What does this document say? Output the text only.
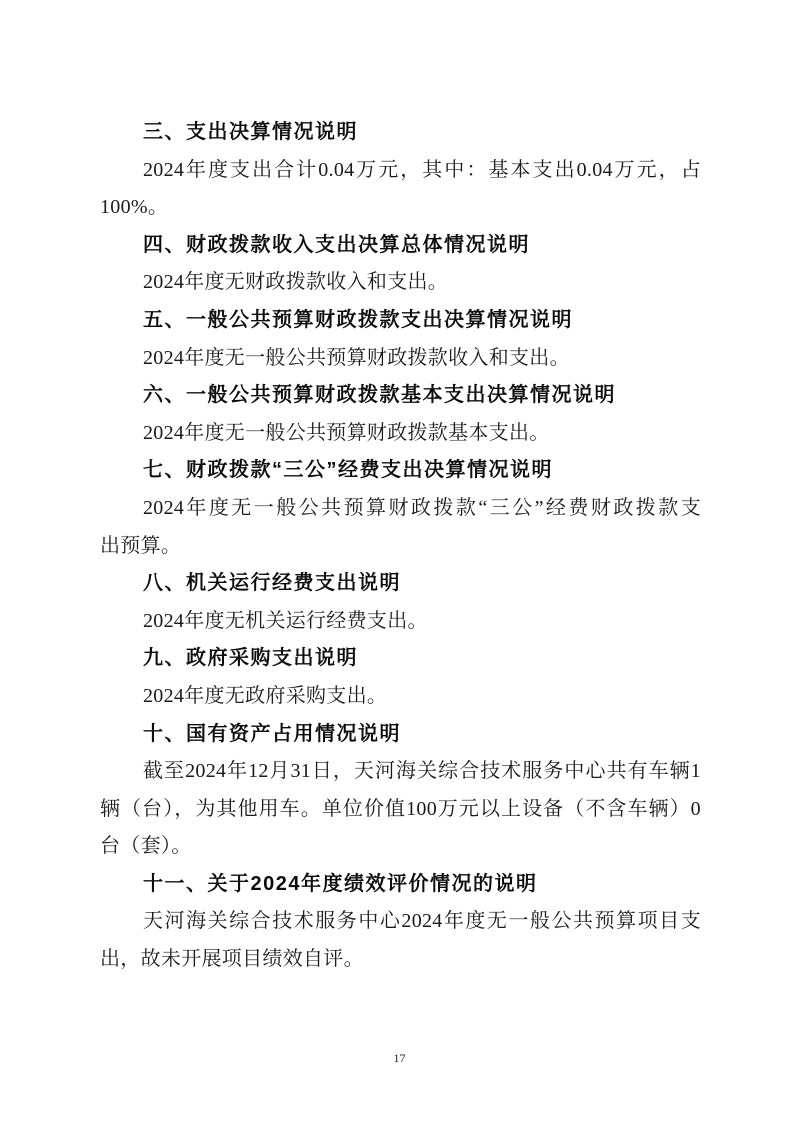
三、支出决算情况说明
2024年度支出合计0.04万元，其中：基本支出0.04万元，占
100%。
四、财政拨款收入支出决算总体情况说明
2024年度无财政拨款收入和支出。
五、一般公共预算财政拨款支出决算情况说明
2024年度无一般公共预算财政拨款收入和支出。
六、一般公共预算财政拨款基本支出决算情况说明
2024年度无一般公共预算财政拨款基本支出。
七、财政拨款“三公”经费支出决算情况说明
2024年度无一般公共预算财政拨款“三公”经费财政拨款支
出预算。
八、机关运行经费支出说明
2024年度无机关运行经费支出。
九、政府采购支出说明
2024年度无政府采购支出。
十、国有资产占用情况说明
截至2024年12月31日，天河海关综合技术服务中心共有车辆1
辆（台），为其他用车。单位价值100万元以上设备（不含车辆）0
台（套）。
十一、关于2024年度绩效评价情况的说明
天河海关综合技术服务中心2024年度无一般公共预算项目支
出，故未开展项目绩效自评。
17
